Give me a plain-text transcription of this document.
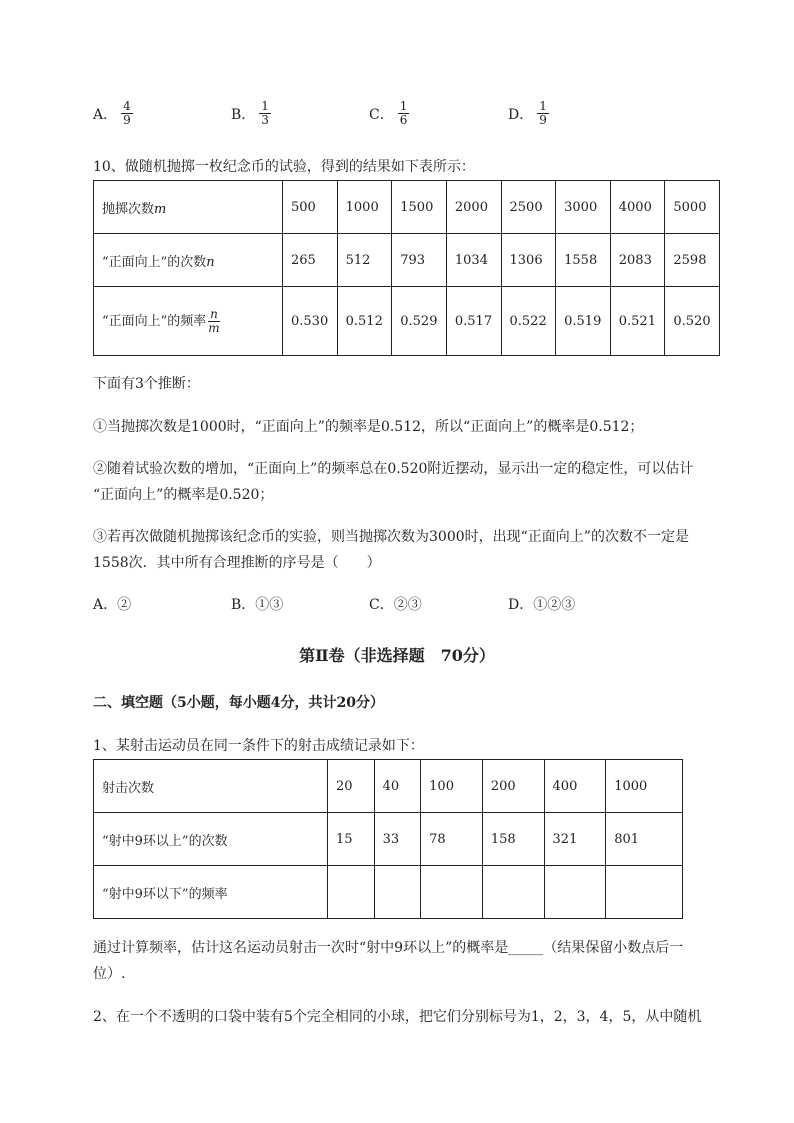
A． $\frac{4}{9}$	B． $\frac{1}{3}$	C． $\frac{1}{6}$	D． $\frac{1}{9}$
10、做随机抛掷一枚纪念币的试验，得到的结果如下表所示：
抛掷次数m	500	1000	1500	2000	2500	3000	4000	5000
“正面向上”的次数n	265	512	793	1034	1306	1558	2083	2598
“正面向上”的频率 $\frac{n}{m}$	0.530	0.512	0.529	0.517	0.522	0.519	0.521	0.520
下面有3个推断：
①当抛掷次数是1000时，“正面向上”的频率是0.512，所以“正面向上”的概率是0.512；
②随着试验次数的增加，“正面向上”的频率总在0.520附近摆动，显示出一定的稳定性，可以估计
“正面向上”的概率是0.520；
③若再次做随机抛掷该纪念币的实验，则当抛掷次数为3000时，出现“正面向上”的次数不一定是
1558次．其中所有合理推断的序号是（　　）
A．②	B．①③	C．②③	D．①②③
第Ⅱ卷（非选择题　70分）
二、填空题（5小题，每小题4分，共计20分）
1、某射击运动员在同一条件下的射击成绩记录如下：
射击次数	20	40	100	200	400	1000
“射中9环以上”的次数	15	33	78	158	321	801
“射中9环以下”的频率						
通过计算频率，估计这名运动员射击一次时“射中9环以上”的概率是_____（结果保留小数点后一
位）.
2、在一个不透明的口袋中装有5个完全相同的小球，把它们分别标号为1，2，3，4，5，从中随机
